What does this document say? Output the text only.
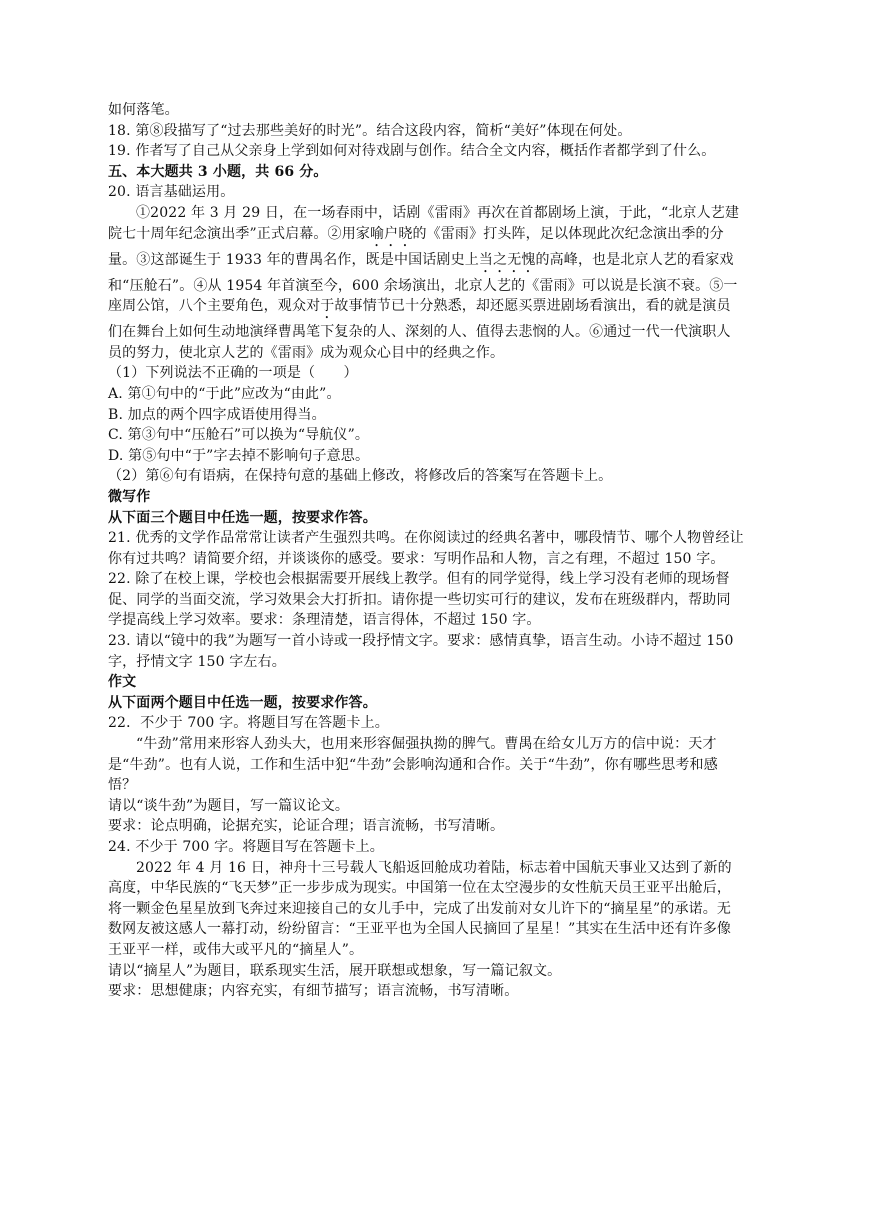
如何落笔。

18. 第⑧段描写了“过去那些美好的时光”。结合这段内容，简析“美好”体现在何处。

19. 作者写了自己从父亲身上学到如何对待戏剧与创作。结合全文内容，概括作者都学到了什么。

五、本大题共 3 小题，共 66 分。

20. 语言基础运用。

①2022 年 3 月 29 日，在一场春雨中，话剧《雷雨》再次在首都剧场上演，于此，“北京人艺建院七十周年纪念演出季”正式启幕。②用家喻户晓的《雷雨》打头阵，足以体现此次纪念演出季的分量。③这部诞生于 1933 年的曹禺名作，既是中国话剧史上当之无愧的高峰，也是北京人艺的看家戏和“压舱石”。④从 1954 年首演至今，600 余场演出，北京人艺的《雷雨》可以说是长演不衰。⑤一座周公馆，八个主要角色，观众对于故事情节已十分熟悉，却还愿买票进剧场看演出，看的就是演员们在舞台上如何生动地演绎曹禺笔下复杂的人、深刻的人、值得去悲悯的人。⑥通过一代一代演职人员的努力，使北京人艺的《雷雨》成为观众心目中的经典之作。

（1）下列说法不正确的一项是（　　）

A. 第①句中的“于此”应改为“由此”。

B. 加点的两个四字成语使用得当。

C. 第③句中“压舱石”可以换为“导航仪”。

D. 第⑤句中“于”字去掉不影响句子意思。

（2）第⑥句有语病，在保持句意的基础上修改，将修改后的答案写在答题卡上。

微写作

从下面三个题目中任选一题，按要求作答。

21. 优秀的文学作品常常让读者产生强烈共鸣。在你阅读过的经典名著中，哪段情节、哪个人物曾经让你有过共鸣？请简要介绍，并谈谈你的感受。要求：写明作品和人物，言之有理，不超过 150 字。

22. 除了在校上课，学校也会根据需要开展线上教学。但有的同学觉得，线上学习没有老师的现场督促、同学的当面交流，学习效果会大打折扣。请你提一些切实可行的建议，发布在班级群内，帮助同学提高线上学习效率。要求：条理清楚，语言得体，不超过 150 字。

23. 请以“镜中的我”为题写一首小诗或一段抒情文字。要求：感情真挚，语言生动。小诗不超过 150 字，抒情文字 150 字左右。

作文

从下面两个题目中任选一题，按要求作答。

22．不少于 700 字。将题目写在答题卡上。

“牛劲”常用来形容人劲头大，也用来形容倔强执拗的脾气。曹禺在给女儿万方的信中说：天才是“牛劲”。也有人说，工作和生活中犯“牛劲”会影响沟通和合作。关于“牛劲”，你有哪些思考和感悟？

请以“谈牛劲”为题目，写一篇议论文。

要求：论点明确，论据充实，论证合理；语言流畅，书写清晰。

24. 不少于 700 字。将题目写在答题卡上。

2022 年 4 月 16 日，神舟十三号载人飞船返回舱成功着陆，标志着中国航天事业又达到了新的高度，中华民族的“飞天梦”正一步步成为现实。中国第一位在太空漫步的女性航天员王亚平出舱后，将一颗金色星星放到飞奔过来迎接自己的女儿手中，完成了出发前对女儿许下的“摘星星”的承诺。无数网友被这感人一幕打动，纷纷留言：“王亚平也为全国人民摘回了星星！”其实在生活中还有许多像王亚平一样，或伟大或平凡的“摘星人”。

请以“摘星人”为题目，联系现实生活，展开联想或想象，写一篇记叙文。

要求：思想健康；内容充实，有细节描写；语言流畅，书写清晰。
